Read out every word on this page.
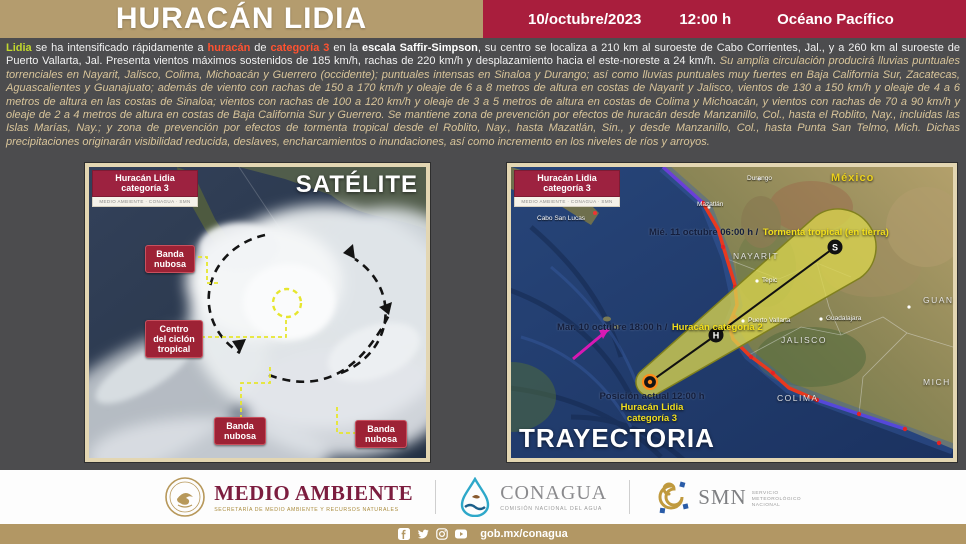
HURACÁN LIDIA	10/octubre/2023	12:00 h	Océano Pacífico

Lidia se ha intensificado rápidamente a huracán de categoría 3 en la escala Saffir-Simpson, su centro se localiza a 210 km al suroeste de Cabo Corrientes, Jal., y a 260 km al suroeste de Puerto Vallarta, Jal. Presenta vientos máximos sostenidos de 185 km/h, rachas de 220 km/h y desplazamiento hacia el este-noreste a 24 km/h. Su amplia circulación producirá lluvias puntuales torrenciales en Nayarit, Jalisco, Colima, Michoacán y Guerrero (occidente); puntuales intensas en Sinaloa y Durango; así como lluvias puntuales muy fuertes en Baja California Sur, Zacatecas, Aguascalientes y Guanajuato; además de viento con rachas de 150 a 170 km/h y oleaje de 6 a 8 metros de altura en costas de Nayarit y Jalisco, vientos de 130 a 150 km/h y oleaje de 4 a 6 metros de altura en las costas de Sinaloa; vientos con rachas de 100 a 120 km/h y oleaje de 3 a 5 metros de altura en costas de Colima y Michoacán, y vientos con rachas de 70 a 90 km/h y oleaje de 2 a 4 metros de altura en costas de Baja California Sur y Guerrero. Se mantiene zona de prevención por efectos de huracán desde Manzanillo, Col., hasta el Roblito, Nay., incluidas las Islas Marías, Nay.; y zona de prevención por efectos de tormenta tropical desde el Roblito, Nay., hasta Mazatlán, Sin., y desde Manzanillo, Col., hasta Punta San Telmo, Mich. Dichas precipitaciones originarán visibilidad reducida, deslaves, encharcamientos o inundaciones, así como incremento en los niveles de ríos y arroyos.

Huracán Lidia
categoría 3
MEDIO AMBIENTE · CONAGUA · SMN
SATÉLITE
Banda nubosa
Centro del ciclón tropical
Banda nubosa
Banda nubosa
H
S
Huracán Lidia
categoría 3
MEDIO AMBIENTE · CONAGUA · SMN
TRAYECTORIA
Mié. 11 octubre 06:00 h / Tormenta tropical (en tierra)
Mar. 10 octubre 18:00 h / Huracán categoría 2
Posición actual 12:00 h
Huracán Lidia
categoría 3
México
Durango
Mazatlán
Cabo San Lucas
Tepic
Puerto Vallarta	Guadalajara
NAYARIT
JALISCO
COLIMA
MICH
GUAN
MEDIO AMBIENTE
SECRETARÍA DE MEDIO AMBIENTE Y RECURSOS NATURALES
CONAGUA
COMISIÓN NACIONAL DEL AGUA
SMN SERVICIO METEOROLÓGICO NACIONAL
gob.mx/conagua
